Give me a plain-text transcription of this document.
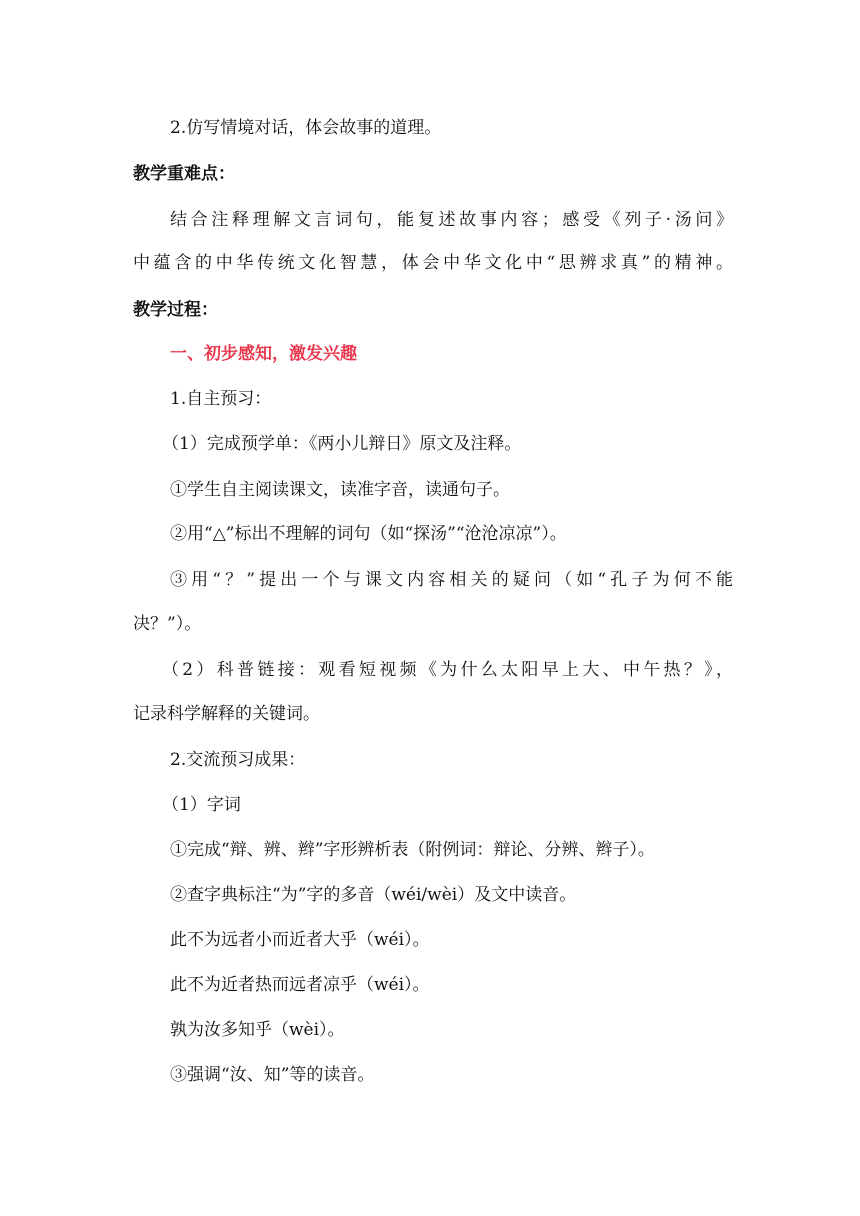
2.仿写情境对话，体会故事的道理。
教学重难点：
结合注释理解文言词句，能复述故事内容；感受《列子·汤问》
中蕴含的中华传统文化智慧，体会中华文化中“思辨求真”的精神。
教学过程：
一、初步感知，激发兴趣
1.自主预习：
（1）完成预学单：《两小儿辩日》原文及注释。
①学生自主阅读课文，读准字音，读通句子。
②用“△”标出不理解的词句（如“探汤”“沧沧凉凉”）。
③用“？”提出一个与课文内容相关的疑问（如“孔子为何不能
决？”）。
（2）科普链接：观看短视频《为什么太阳早上大、中午热？》，
记录科学解释的关键词。
2.交流预习成果：
（1）字词
①完成“辩、辨、辫”字形辨析表（附例词：辩论、分辨、辫子）。
②查字典标注“为”字的多音（wéi/wèi）及文中读音。
此不为远者小而近者大乎（wéi）。
此不为近者热而远者凉乎（wéi）。
孰为汝多知乎（wèi）。
③强调“汝、知”等的读音。
